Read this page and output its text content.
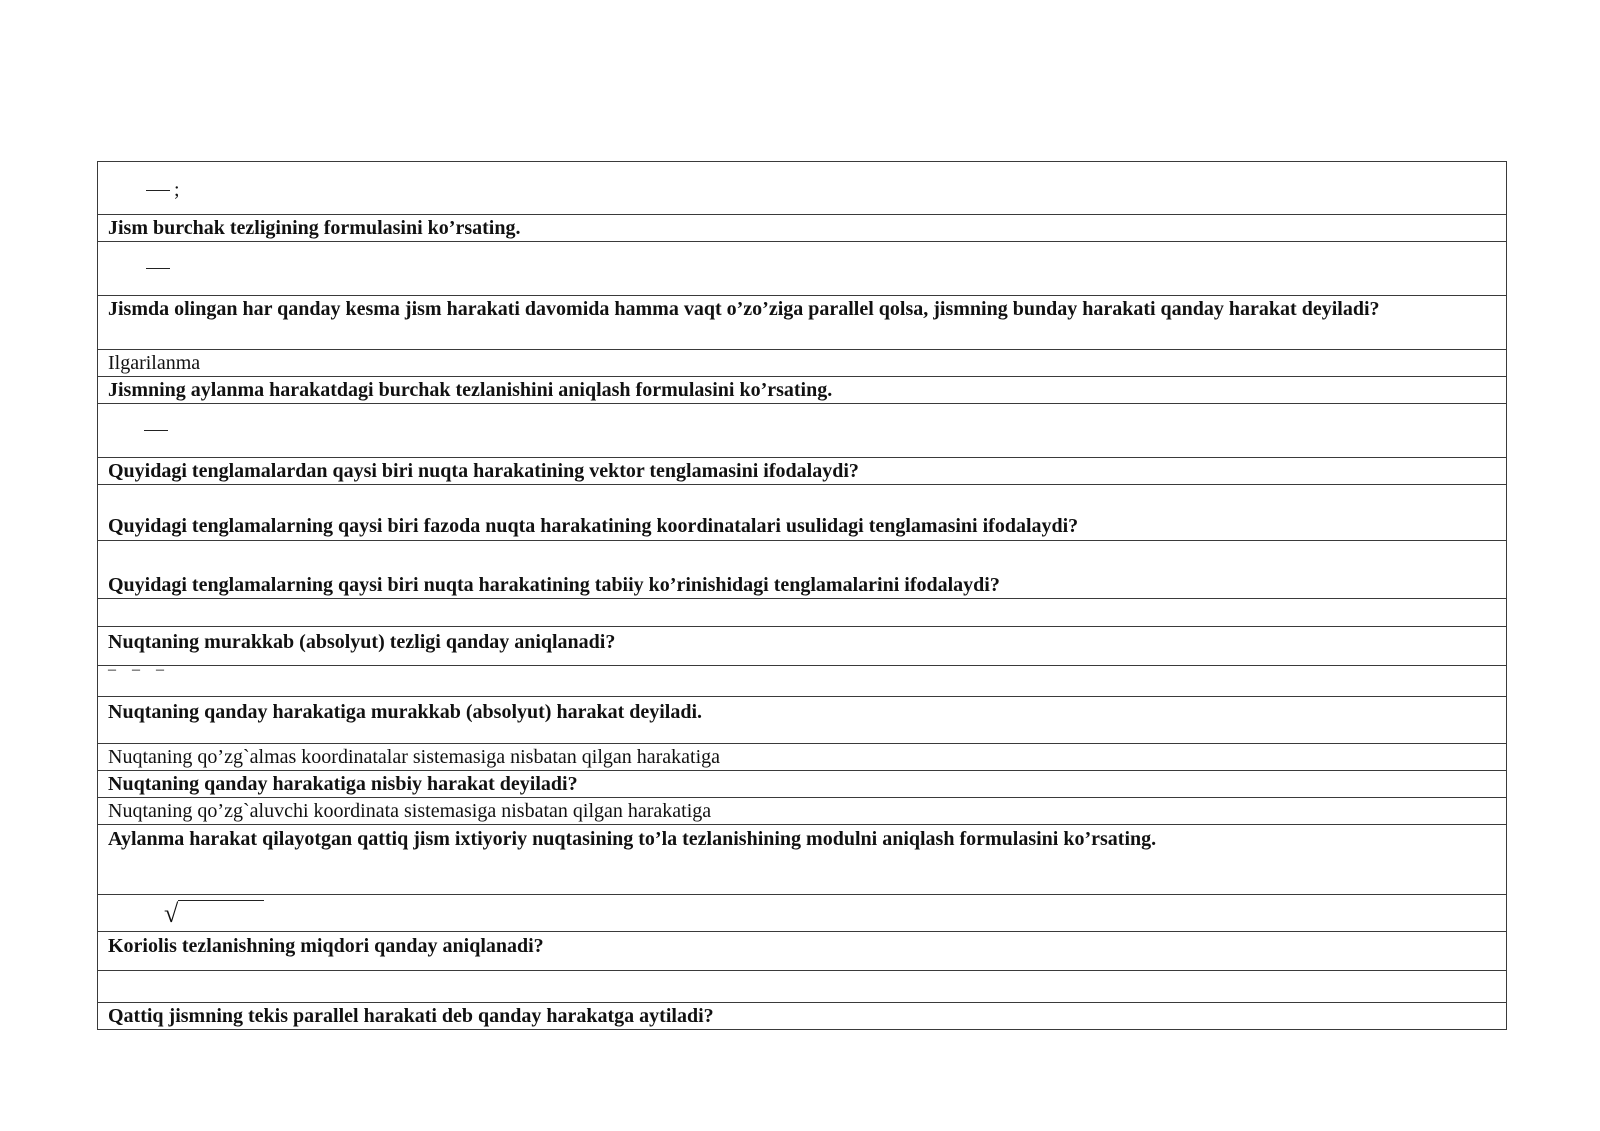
;
Jism burchak tezligining formulasini ko’rsating.
Jismda olingan har qanday kesma jism harakati davomida hamma vaqt o’zo’ziga parallel qolsa, jismning bunday harakati qanday harakat deyiladi?
Ilgarilanma
Jismning aylanma harakatdagi burchak tezlanishini aniqlash formulasini ko’rsating.
Quyidagi tenglamalardan qaysi biri nuqta harakatining vektor tenglamasini ifodalaydi?
Quyidagi tenglamalarning qaysi biri fazoda nuqta harakatining koordinatalari usulidagi tenglamasini ifodalaydi?
Quyidagi tenglamalarning qaysi biri nuqta harakatining tabiiy ko’rinishidagi tenglamalarini ifodalaydi?
Nuqtaning murakkab (absolyut) tezligi qanday aniqlanadi?
–    –    –
Nuqtaning qanday harakatiga murakkab (absolyut) harakat deyiladi.
Nuqtaning qo’zg`almas koordinatalar sistemasiga nisbatan qilgan harakatiga
Nuqtaning qanday harakatiga nisbiy harakat deyiladi?
Nuqtaning qo’zg`aluvchi koordinata sistemasiga nisbatan qilgan harakatiga
Aylanma harakat qilayotgan qattiq jism ixtiyoriy nuqtasining to’la tezlanishining modulni aniqlash formulasini ko’rsating.
√
Koriolis tezlanishning miqdori qanday aniqlanadi?
Qattiq jismning tekis parallel harakati deb qanday harakatga aytiladi?
